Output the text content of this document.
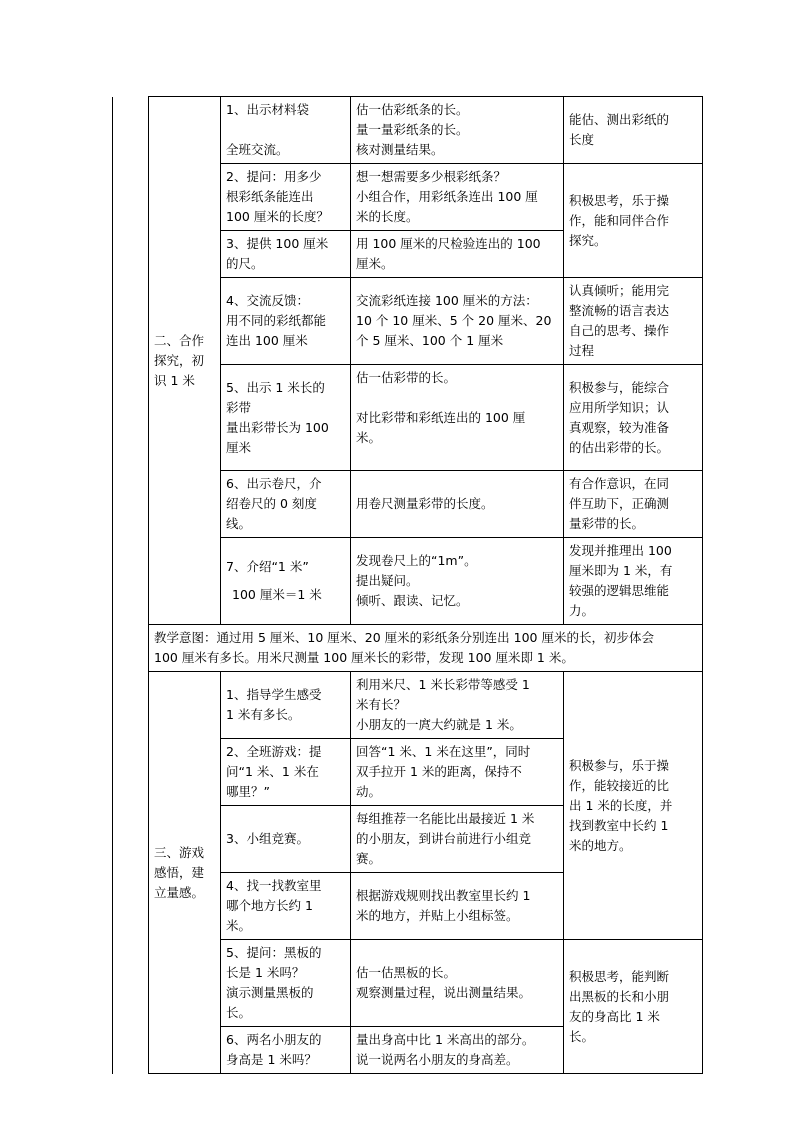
	二、合作
探究，初
识 1 米	1、出示材料袋
全班交流。	估一估彩纸条的长。
量一量彩纸条的长。
核对测量结果。	能估、测出彩纸的
长度

		2、提问：用多少
根彩纸条能连出
100 厘米的长度？	想一想需要多少根彩纸条？
小组合作，用彩纸条连出 100 厘
米的长度。	积极思考，乐于操
作，能和同伴合作
探究。

		3、提供 100 厘米
的尺。	用 100 厘米的尺检验连出的 100
厘米。	

		4、交流反馈：
用不同的彩纸都能
连出 100 厘米	交流彩纸连接 100 厘米的方法：
10 个 10 厘米、5 个 20 厘米、20
个 5 厘米、100 个 1 厘米	认真倾听；能用完
整流畅的语言表达
自己的思考、操作
过程

		5、出示 1 米长的
彩带
量出彩带长为 100
厘米	估一估彩带的长。
对比彩带和彩纸连出的 100 厘
米。	积极参与，能综合
应用所学知识；认
真观察，较为准备
的估出彩带的长。

		6、出示卷尺，介
绍卷尺的 0 刻度
线。	用卷尺测量彩带的长度。	有合作意识，在同
伴互助下，正确测
量彩带的长。

		7、介绍“1 米”
100 厘米＝1 米	发现卷尺上的“1m”。
提出疑问。
倾听、跟读、记忆。	发现并推理出 100
厘米即为 1 米，有
较强的逻辑思维能
力。

	教学意图：通过用 5 厘米、10 厘米、20 厘米的彩纸条分别连出 100 厘米的长，初步体会
100 厘米有多长。用米尺测量 100 厘米长的彩带，发现 100 厘米即 1 米。			

	三、游戏
感悟，建
立量感。	1、指导学生感受
1 米有多长。	利用米尺、1 米长彩带等感受 1
米有长？
小朋友的一庹大约就是 1 米。	积极参与，乐于操
作，能较接近的比
出 1 米的长度，并
找到教室中长约 1
米的地方。

		2、全班游戏：提
问“1 米、1 米在
哪里？”	回答“1 米、1 米在这里”，同时
双手拉开 1 米的距离，保持不
动。	

		3、小组竞赛。	每组推荐一名能比出最接近 1 米
的小朋友，到讲台前进行小组竞
赛。	

		4、找一找教室里
哪个地方长约 1
米。	根据游戏规则找出教室里长约 1
米的地方，并贴上小组标签。	

		5、提问：黑板的
长是 1 米吗？
演示测量黑板的
长。	估一估黑板的长。
观察测量过程，说出测量结果。	积极思考，能判断
出黑板的长和小朋
友的身高比 1 米
长。

		6、两名小朋友的
身高是 1 米吗？	量出身高中比 1 米高出的部分。
说一说两名小朋友的身高差。	
